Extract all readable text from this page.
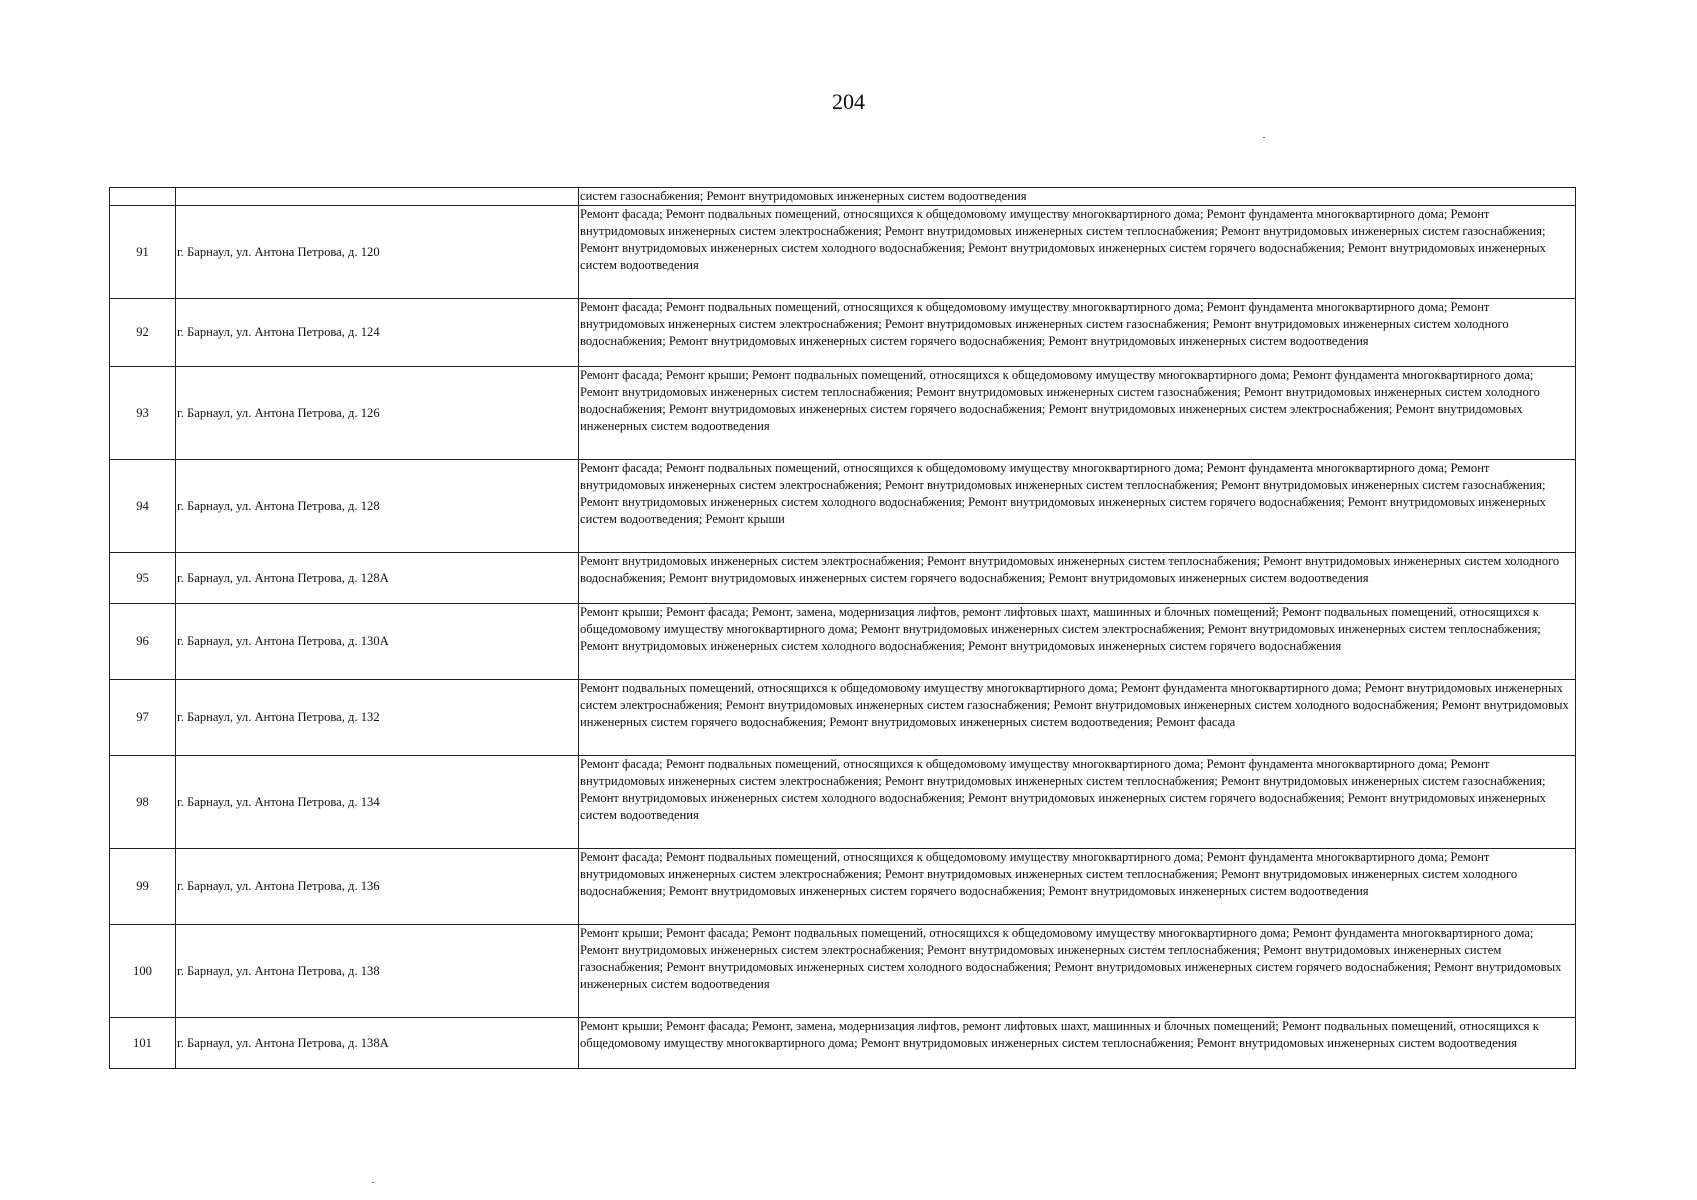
204
		систем газоснабжения; Ремонт внутридомовых инженерных систем водоотведения
91	г. Барнаул, ул. Антона Петрова, д. 120	Ремонт фасада; Ремонт подвальных помещений, относящихся к общедомовому имуществу многоквартирного дома; Ремонт фундамента многоквартирного дома; Ремонт внутридомовых инженерных систем электроснабжения; Ремонт внутридомовых инженерных систем теплоснабжения; Ремонт внутридомовых инженерных систем газоснабжения; Ремонт внутридомовых инженерных систем холодного водоснабжения; Ремонт внутридомовых инженерных систем горячего водоснабжения; Ремонт внутридомовых инженерных систем водоотведения
92	г. Барнаул, ул. Антона Петрова, д. 124	Ремонт фасада; Ремонт подвальных помещений, относящихся к общедомовому имуществу многоквартирного дома; Ремонт фундамента многоквартирного дома; Ремонт внутридомовых инженерных систем электроснабжения; Ремонт внутридомовых инженерных систем газоснабжения; Ремонт внутридомовых инженерных систем холодного водоснабжения; Ремонт внутридомовых инженерных систем горячего водоснабжения; Ремонт внутридомовых инженерных систем водоотведения
93	г. Барнаул, ул. Антона Петрова, д. 126	Ремонт фасада; Ремонт крыши; Ремонт подвальных помещений, относящихся к общедомовому имуществу многоквартирного дома; Ремонт фундамента многоквартирного дома; Ремонт внутридомовых инженерных систем теплоснабжения; Ремонт внутридомовых инженерных систем газоснабжения; Ремонт внутридомовых инженерных систем холодного водоснабжения; Ремонт внутридомовых инженерных систем горячего водоснабжения; Ремонт внутридомовых инженерных систем электроснабжения; Ремонт внутридомовых инженерных систем водоотведения
94	г. Барнаул, ул. Антона Петрова, д. 128	Ремонт фасада; Ремонт подвальных помещений, относящихся к общедомовому имуществу многоквартирного дома; Ремонт фундамента многоквартирного дома; Ремонт внутридомовых инженерных систем электроснабжения; Ремонт внутридомовых инженерных систем теплоснабжения; Ремонт внутридомовых инженерных систем газоснабжения; Ремонт внутридомовых инженерных систем холодного водоснабжения; Ремонт внутридомовых инженерных систем горячего водоснабжения; Ремонт внутридомовых инженерных систем водоотведения; Ремонт крыши
95	г. Барнаул, ул. Антона Петрова, д. 128А	Ремонт внутридомовых инженерных систем электроснабжения; Ремонт внутридомовых инженерных систем теплоснабжения; Ремонт внутридомовых инженерных систем холодного водоснабжения; Ремонт внутридомовых инженерных систем горячего водоснабжения; Ремонт внутридомовых инженерных систем водоотведения
96	г. Барнаул, ул. Антона Петрова, д. 130А	Ремонт крыши; Ремонт фасада; Ремонт, замена, модернизация лифтов, ремонт лифтовых шахт, машинных и блочных помещений; Ремонт подвальных помещений, относящихся к общедомовому имуществу многоквартирного дома; Ремонт внутридомовых инженерных систем электроснабжения; Ремонт внутридомовых инженерных систем теплоснабжения; Ремонт внутридомовых инженерных систем холодного водоснабжения; Ремонт внутридомовых инженерных систем горячего водоснабжения
97	г. Барнаул, ул. Антона Петрова, д. 132	Ремонт подвальных помещений, относящихся к общедомовому имуществу многоквартирного дома; Ремонт фундамента многоквартирного дома; Ремонт внутридомовых инженерных систем электроснабжения; Ремонт внутридомовых инженерных систем газоснабжения; Ремонт внутридомовых инженерных систем холодного водоснабжения; Ремонт внутридомовых инженерных систем горячего водоснабжения; Ремонт внутридомовых инженерных систем водоотведения; Ремонт фасада
98	г. Барнаул, ул. Антона Петрова, д. 134	Ремонт фасада; Ремонт подвальных помещений, относящихся к общедомовому имуществу многоквартирного дома; Ремонт фундамента многоквартирного дома; Ремонт внутридомовых инженерных систем электроснабжения; Ремонт внутридомовых инженерных систем теплоснабжения; Ремонт внутридомовых инженерных систем газоснабжения; Ремонт внутридомовых инженерных систем холодного водоснабжения; Ремонт внутридомовых инженерных систем горячего водоснабжения; Ремонт внутридомовых инженерных систем водоотведения
99	г. Барнаул, ул. Антона Петрова, д. 136	Ремонт фасада; Ремонт подвальных помещений, относящихся к общедомовому имуществу многоквартирного дома; Ремонт фундамента многоквартирного дома; Ремонт внутридомовых инженерных систем электроснабжения; Ремонт внутридомовых инженерных систем теплоснабжения; Ремонт внутридомовых инженерных систем холодного водоснабжения; Ремонт внутридомовых инженерных систем горячего водоснабжения; Ремонт внутридомовых инженерных систем водоотведения
100	г. Барнаул, ул. Антона Петрова, д. 138	Ремонт крыши; Ремонт фасада; Ремонт подвальных помещений, относящихся к общедомовому имуществу многоквартирного дома; Ремонт фундамента многоквартирного дома; Ремонт внутридомовых инженерных систем электроснабжения; Ремонт внутридомовых инженерных систем теплоснабжения; Ремонт внутридомовых инженерных систем газоснабжения; Ремонт внутридомовых инженерных систем холодного водоснабжения; Ремонт внутридомовых инженерных систем горячего водоснабжения; Ремонт внутридомовых инженерных систем водоотведения
101	г. Барнаул, ул. Антона Петрова, д. 138А	Ремонт крыши; Ремонт фасада; Ремонт, замена, модернизация лифтов, ремонт лифтовых шахт, машинных и блочных помещений; Ремонт подвальных помещений, относящихся к общедомовому имуществу многоквартирного дома; Ремонт внутридомовых инженерных систем теплоснабжения; Ремонт внутридомовых инженерных систем водоотведения
